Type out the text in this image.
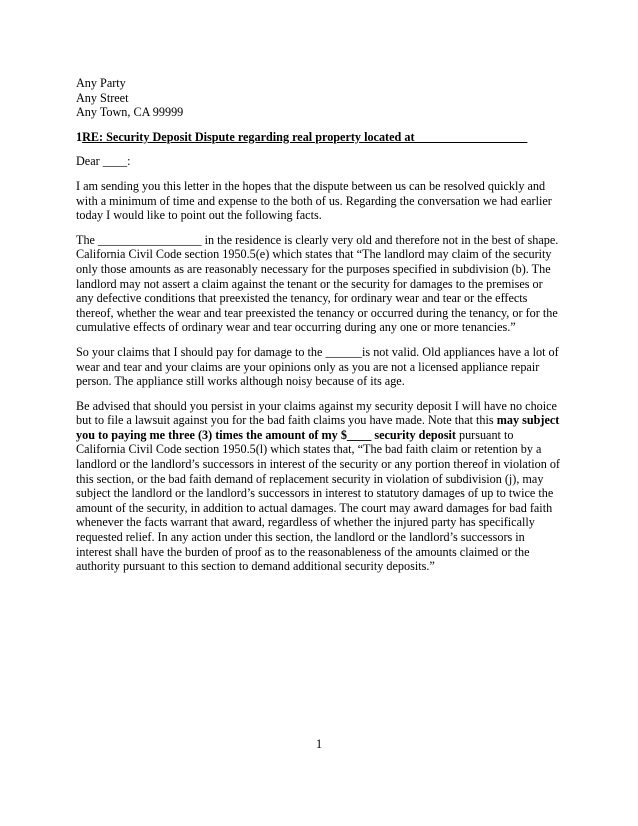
Any Party
Any Street
Any Town, CA 99999

1RE: Security Deposit Dispute regarding real property located at __________________

Dear ____:

I am sending you this letter in the hopes that the dispute between us can be resolved quickly and with a minimum of time and expense to the both of us. Regarding the conversation we had earlier today I would like to point out the following facts.

The _________________ in the residence is clearly very old and therefore not in the best of shape. California Civil Code section 1950.5(e) which states that “The landlord may claim of the security only those amounts as are reasonably necessary for the purposes specified in subdivision (b). The landlord may not assert a claim against the tenant or the security for damages to the premises or any defective conditions that preexisted the tenancy, for ordinary wear and tear or the effects thereof, whether the wear and tear preexisted the tenancy or occurred during the tenancy, or for the cumulative effects of ordinary wear and tear occurring during any one or more tenancies.”

So your claims that I should pay for damage to the ______is not valid. Old appliances have a lot of wear and tear and your claims are your opinions only as you are not a licensed appliance repair person. The appliance still works although noisy because of its age.

Be advised that should you persist in your claims against my security deposit I will have no choice but to file a lawsuit against you for the bad faith claims you have made. Note that this may subject you to paying me three (3) times the amount of my $____ security deposit pursuant to California Civil Code section 1950.5(l) which states that, “The bad faith claim or retention by a landlord or the landlord’s successors in interest of the security or any portion thereof in violation of this section, or the bad faith demand of replacement security in violation of subdivision (j), may subject the landlord or the landlord’s successors in interest to statutory damages of up to twice the amount of the security, in addition to actual damages. The court may award damages for bad faith whenever the facts warrant that award, regardless of whether the injured party has specifically requested relief. In any action under this section, the landlord or the landlord’s successors in interest shall have the burden of proof as to the reasonableness of the amounts claimed or the authority pursuant to this section to demand additional security deposits.”

1
